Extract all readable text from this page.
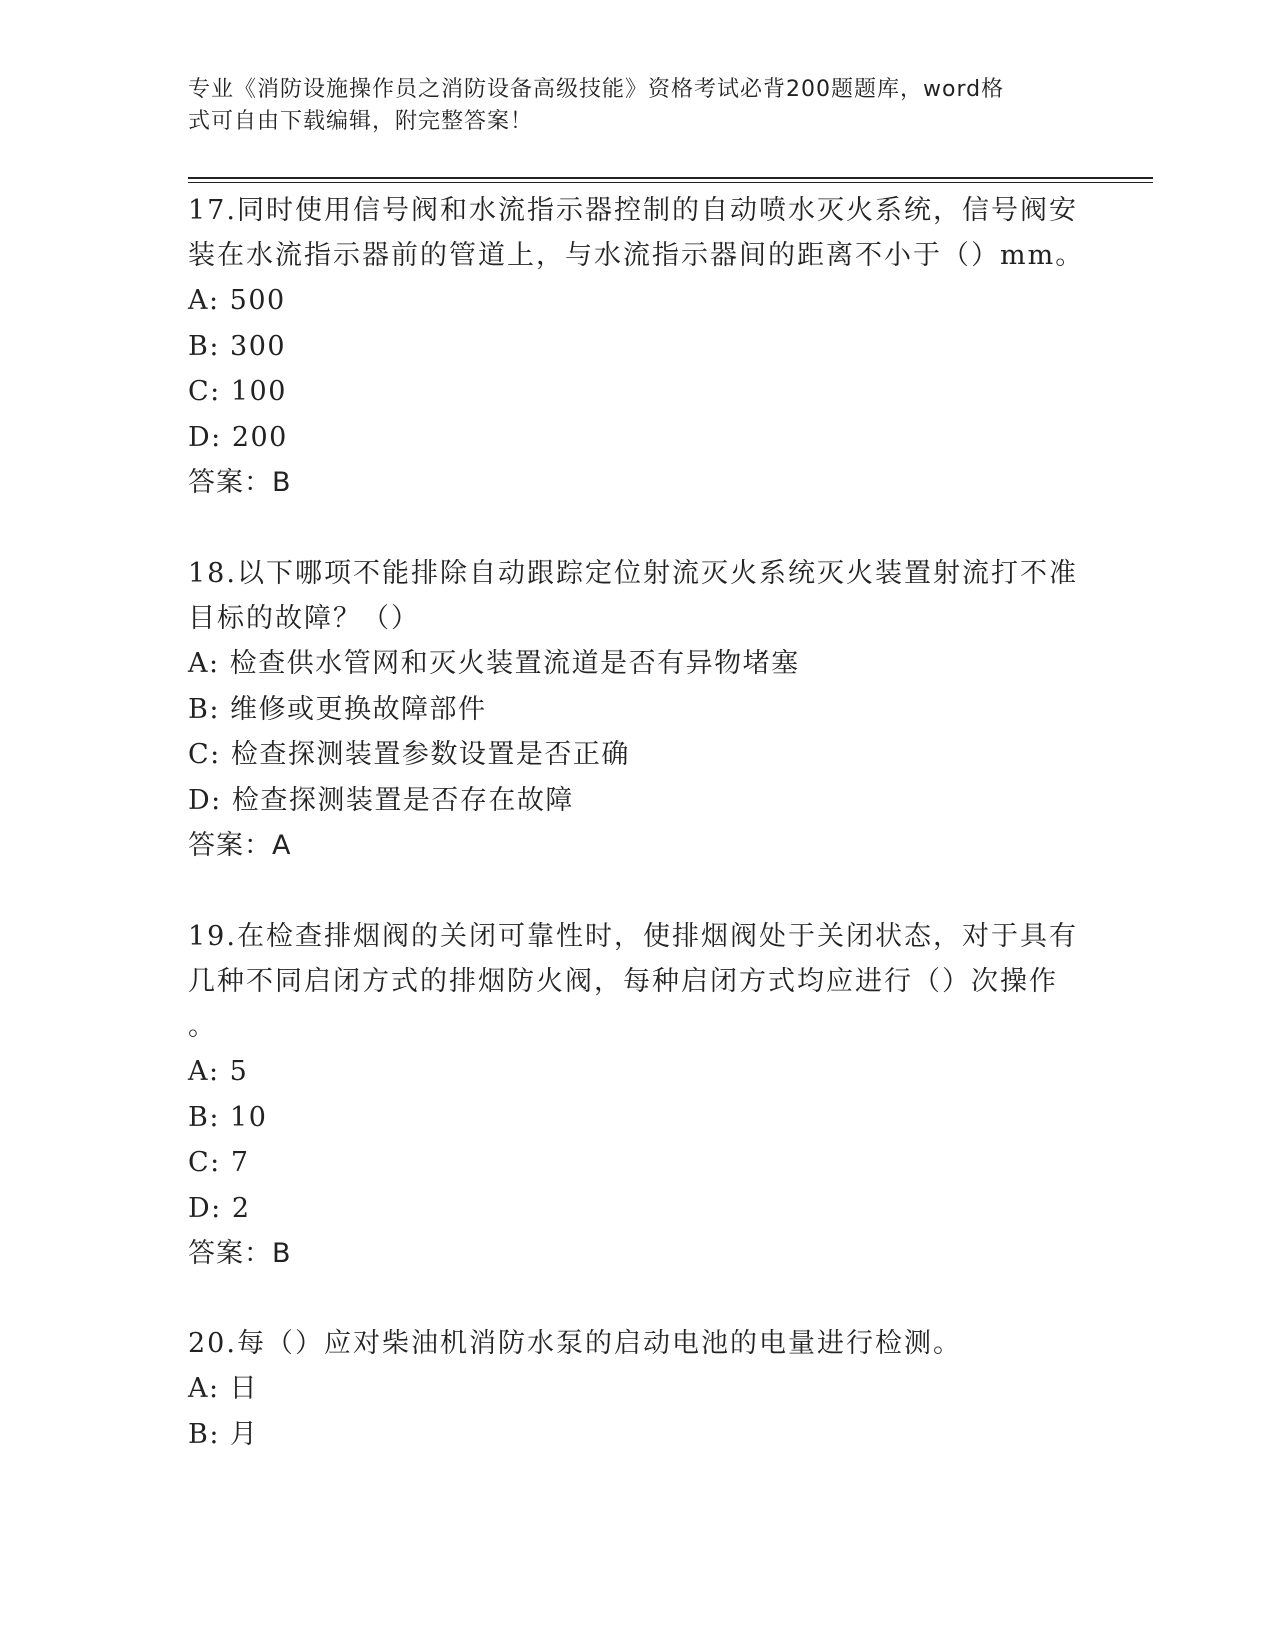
专业《消防设施操作员之消防设备高级技能》资格考试必背200题题库，word格
式可自由下载编辑，附完整答案！
17.同时使用信号阀和水流指示器控制的自动喷水灭火系统，信号阀安
装在水流指示器前的管道上，与水流指示器间的距离不小于（）mm。
A: 500
B: 300
C: 100
D: 200
答案：B
18.以下哪项不能排除自动跟踪定位射流灭火系统灭火装置射流打不准
目标的故障？（）
A: 检查供水管网和灭火装置流道是否有异物堵塞
B: 维修或更换故障部件
C: 检查探测装置参数设置是否正确
D: 检查探测装置是否存在故障
答案：A
19.在检查排烟阀的关闭可靠性时，使排烟阀处于关闭状态，对于具有
几种不同启闭方式的排烟防火阀，每种启闭方式均应进行（）次操作
。
A: 5
B: 10
C: 7
D: 2
答案：B
20.每（）应对柴油机消防水泵的启动电池的电量进行检测。
A: 日
B: 月
